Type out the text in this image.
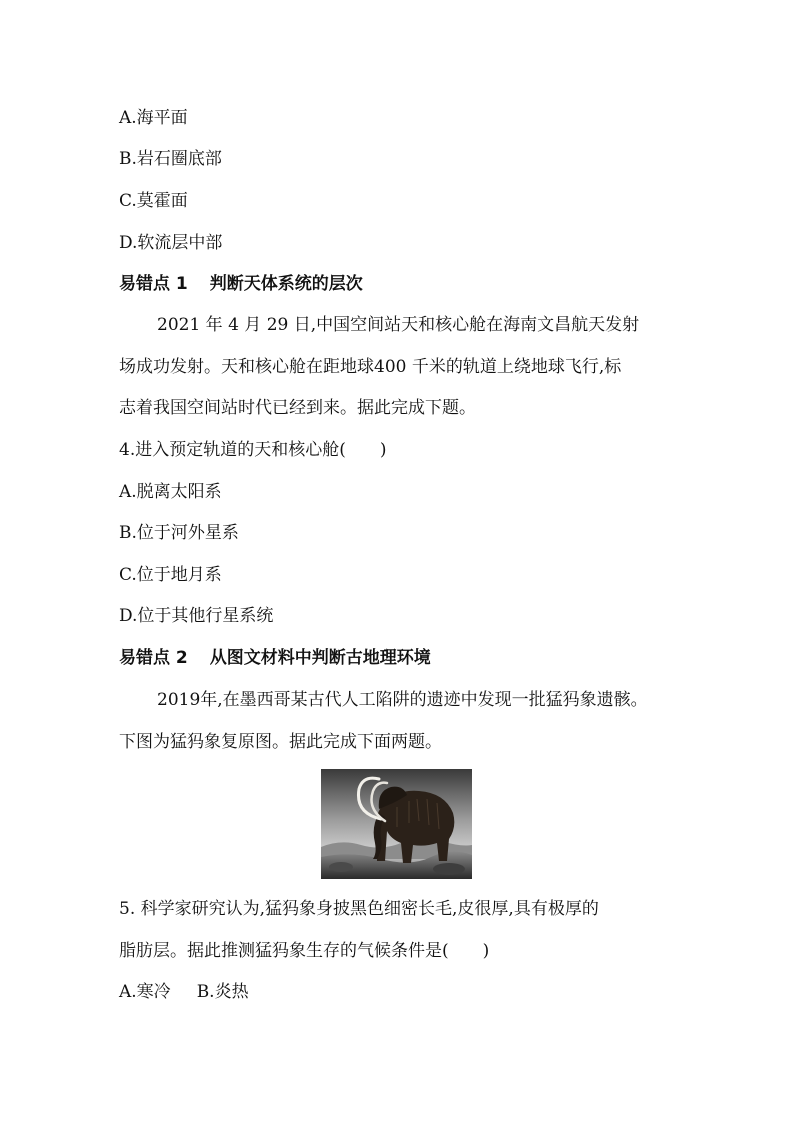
A.海平面
B.岩石圈底部
C.莫霍面
D.软流层中部
易错点 1 判断天体系统的层次
2021 年 4 月 29 日,中国空间站天和核心舱在海南文昌航天发射
场成功发射。天和核心舱在距地球400 千米的轨道上绕地球飞行,标
志着我国空间站时代已经到来。据此完成下题。
4.进入预定轨道的天和核心舱(　　)
A.脱离太阳系
B.位于河外星系
C.位于地月系
D.位于其他行星系统
易错点 2 从图文材料中判断古地理环境
2019年,在墨西哥某古代人工陷阱的遗迹中发现一批猛犸象遗骸。
下图为猛犸象复原图。据此完成下面两题。
5. 科学家研究认为,猛犸象身披黑色细密长毛,皮很厚,具有极厚的
脂肪层。据此推测猛犸象生存的气候条件是(　　)
A.寒冷 B.炎热
